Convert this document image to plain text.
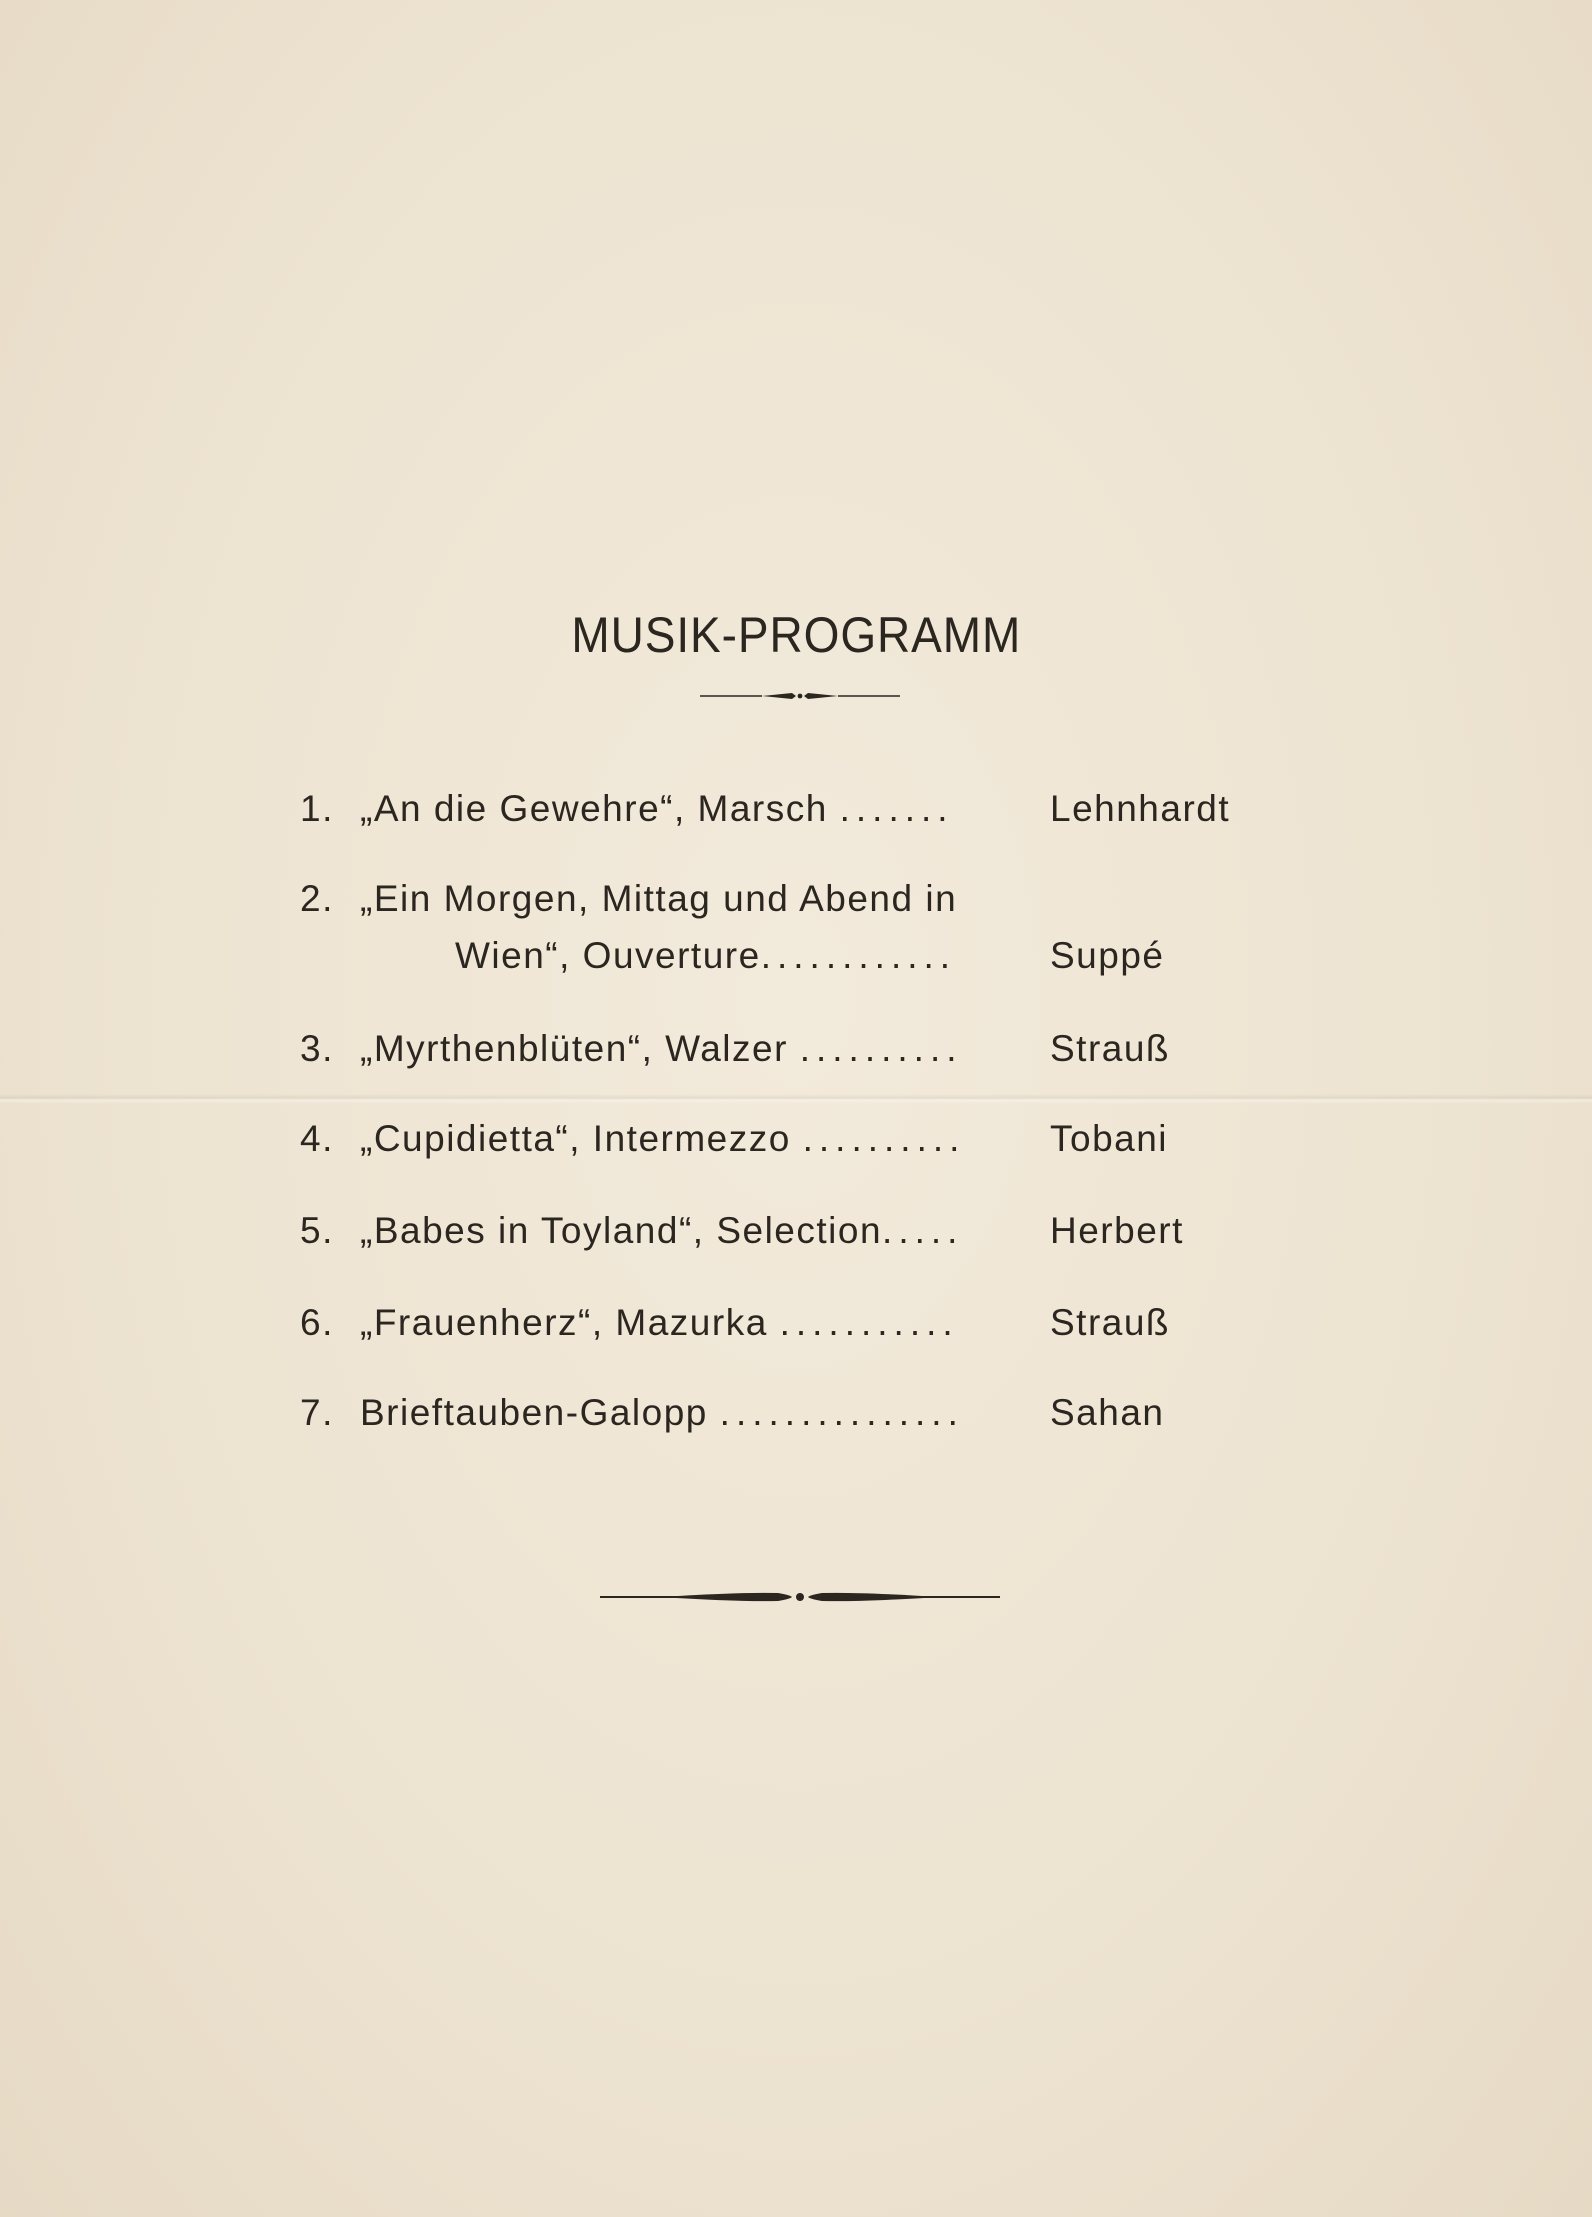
MUSIK-PROGRAMM
1. „An die Gewehre“, Marsch .......	Lehnhardt
2. „Ein Morgen, Mittag und Abend in
Wien“, Ouverture............	Suppé
3. „Myrthenblüten“, Walzer .......... Strauß
4. „Cupidietta“, Intermezzo .......... Tobani
5. „Babes in Toyland“, Selection..... Herbert
6. „Frauenherz“, Mazurka ........... Strauß
7. Brieftauben-Galopp ............... Sahan
